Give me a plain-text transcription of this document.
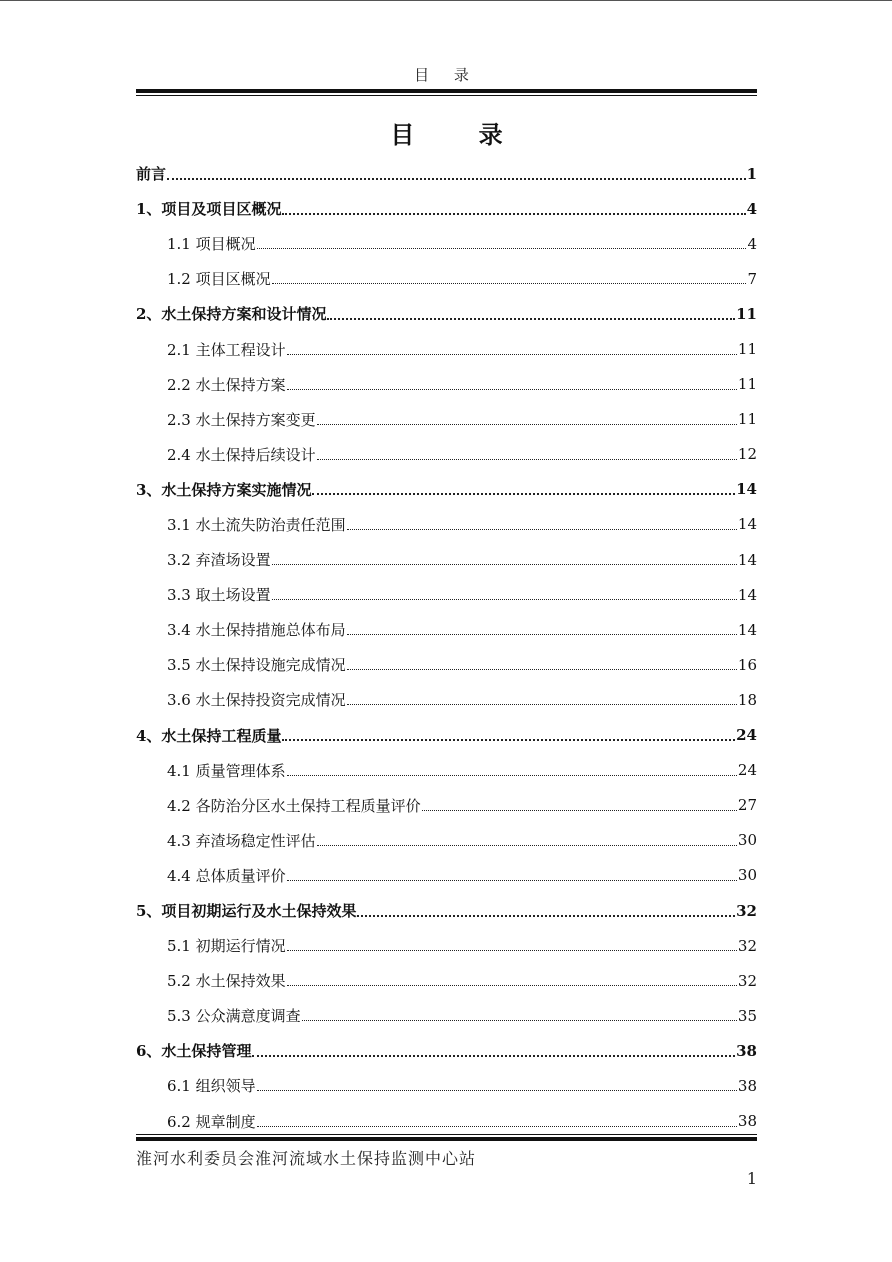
目 录
目 录
前言	1
1、项目及项目区概况	4
1.1 项目概况	4
1.2 项目区概况	7
2、水土保持方案和设计情况	11
2.1 主体工程设计	11
2.2 水土保持方案	11
2.3 水土保持方案变更	11
2.4 水土保持后续设计	12
3、水土保持方案实施情况	14
3.1 水土流失防治责任范围	14
3.2 弃渣场设置	14
3.3 取土场设置	14
3.4 水土保持措施总体布局	14
3.5 水土保持设施完成情况	16
3.6 水土保持投资完成情况	18
4、水土保持工程质量	24
4.1 质量管理体系	24
4.2 各防治分区水土保持工程质量评价	27
4.3 弃渣场稳定性评估	30
4.4 总体质量评价	30
5、项目初期运行及水土保持效果	32
5.1 初期运行情况	32
5.2 水土保持效果	32
5.3 公众满意度调查	35
6、水土保持管理	38
6.1 组织领导	38
6.2 规章制度	38
淮河水利委员会淮河流域水土保持监测中心站
1
